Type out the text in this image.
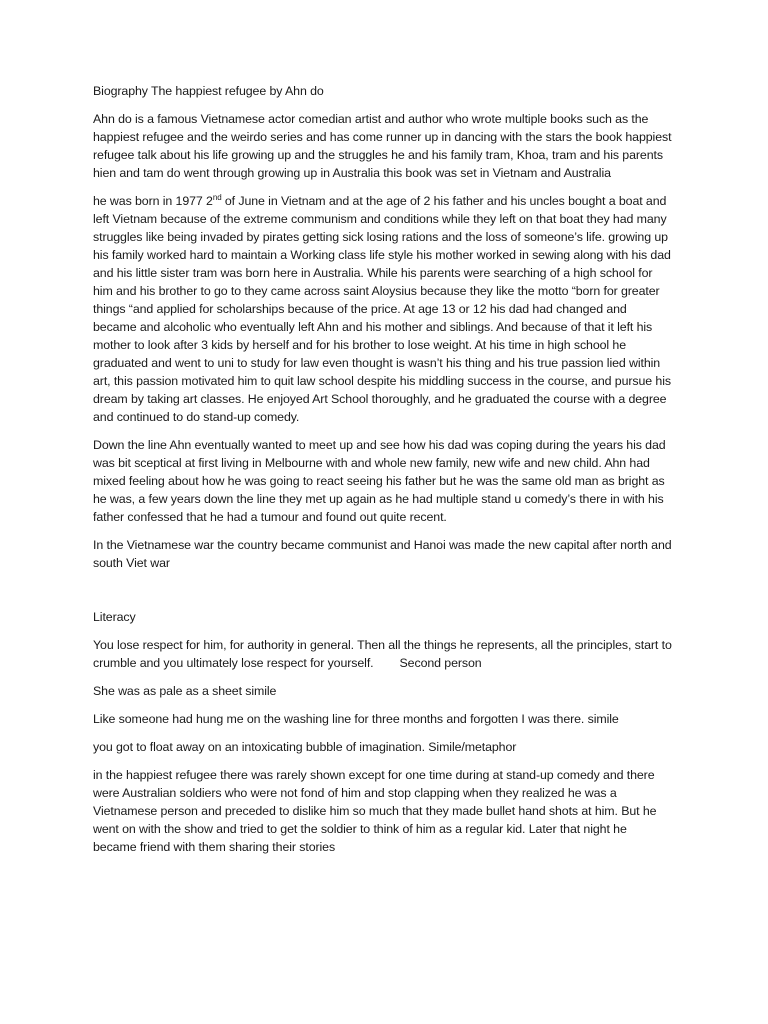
Biography The happiest refugee by Ahn do

Ahn do is a famous Vietnamese actor comedian artist and author who wrote multiple books such as the happiest refugee and the weirdo series and has come runner up in dancing with the stars the book happiest refugee talk about his life growing up and the struggles he and his family tram, Khoa, tram and his parents hien and tam do went through growing up in Australia this book was set in Vietnam and Australia

he was born in 1977 2nd of June in Vietnam and at the age of 2 his father and his uncles bought a boat and left Vietnam because of the extreme communism and conditions while they left on that boat they had many struggles like being invaded by pirates getting sick losing rations and the loss of someone’s life. growing up his family worked hard to maintain a Working class life style his mother worked in sewing along with his dad and his little sister tram was born here in Australia. While his parents were searching of a high school for him and his brother to go to they came across saint Aloysius because they like the motto “born for greater things “and applied for scholarships because of the price. At age 13 or 12 his dad had changed and became and alcoholic who eventually left Ahn and his mother and siblings. And because of that it left his mother to look after 3 kids by herself and for his brother to lose weight. At his time in high school he graduated and went to uni to study for law even thought is wasn’t his thing and his true passion lied within art, this passion motivated him to quit law school despite his middling success in the course, and pursue his dream by taking art classes. He enjoyed Art School thoroughly, and he graduated the course with a degree and continued to do stand-up comedy.

Down the line Ahn eventually wanted to meet up and see how his dad was coping during the years his dad was bit sceptical at first living in Melbourne with and whole new family, new wife and new child. Ahn had mixed feeling about how he was going to react seeing his father but he was the same old man as bright as he was, a few years down the line they met up again as he had multiple stand u comedy’s there in with his father confessed that he had a tumour and found out quite recent.

In the Vietnamese war the country became communist and Hanoi was made the new capital after north and south Viet war

Literacy

You lose respect for him, for authority in general. Then all the things he represents, all the principles, start to crumble and you ultimately lose respect for yourself. Second person

She was as pale as a sheet simile

Like someone had hung me on the washing line for three months and forgotten I was there. simile

you got to float away on an intoxicating bubble of imagination. Simile/metaphor

in the happiest refugee there was rarely shown except for one time during at stand-up comedy and there were Australian soldiers who were not fond of him and stop clapping when they realized he was a Vietnamese person and preceded to dislike him so much that they made bullet hand shots at him. But he went on with the show and tried to get the soldier to think of him as a regular kid. Later that night he became friend with them sharing their stories
